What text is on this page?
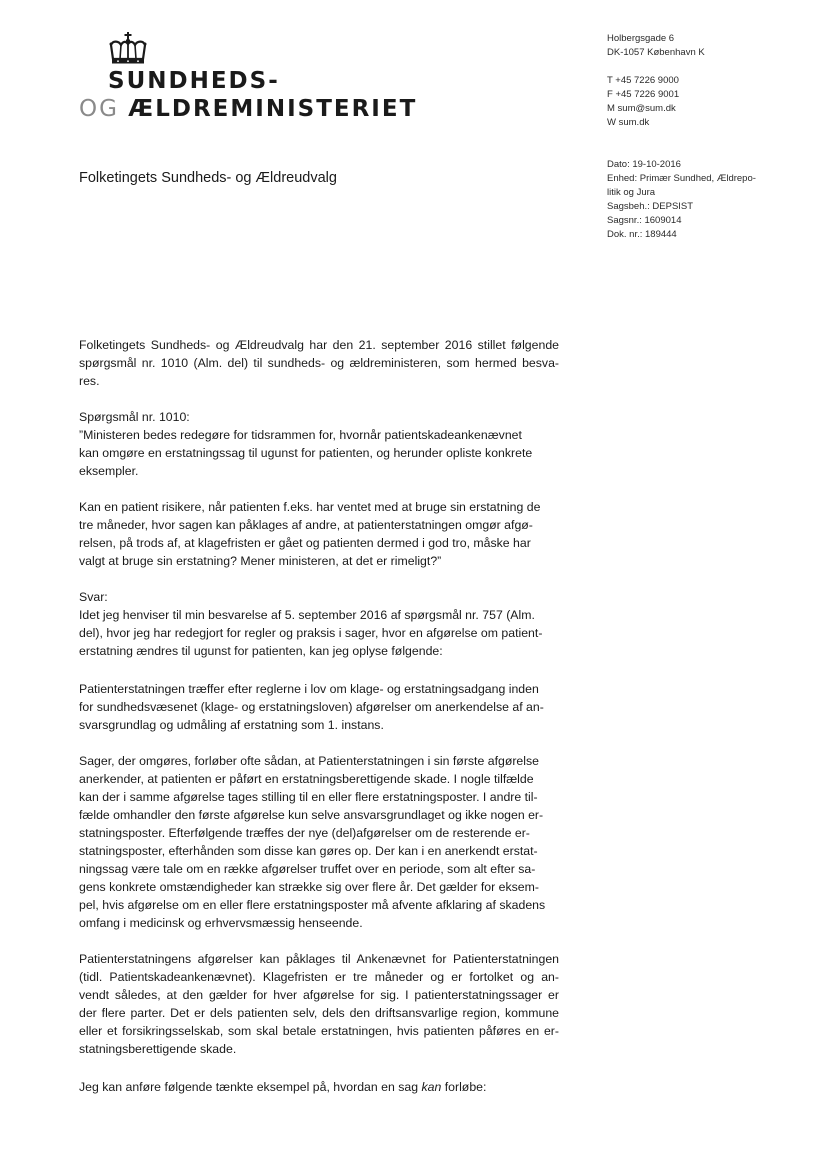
SUNDHEDS-
OG ÆLDREMINISTERIET
Holbergsgade 6
DK-1057 København K
T +45 7226 9000
F +45 7226 9001
M sum@sum.dk
W sum.dk
Dato: 19-10-2016
Enhed: Primær Sundhed, Ældrepo-
litik og Jura
Sagsbeh.: DEPSIST
Sagsnr.: 1609014
Dok. nr.: 189444
Folketingets Sundheds- og Ældreudvalg
Folketingets Sundheds- og Ældreudvalg har den 21. september 2016 stillet følgende
spørgsmål nr. 1010 (Alm. del) til sundheds- og ældreministeren, som hermed besva-
res.
Spørgsmål nr. 1010:
”Ministeren bedes redegøre for tidsrammen for, hvornår patientskadeankenævnet
kan omgøre en erstatningssag til ugunst for patienten, og herunder opliste konkrete
eksempler.
Kan en patient risikere, når patienten f.eks. har ventet med at bruge sin erstatning de
tre måneder, hvor sagen kan påklages af andre, at patienterstatningen omgør afgø-
relsen, på trods af, at klagefristen er gået og patienten dermed i god tro, måske har
valgt at bruge sin erstatning? Mener ministeren, at det er rimeligt?”
Svar:
Idet jeg henviser til min besvarelse af 5. september 2016 af spørgsmål nr. 757 (Alm.
del), hvor jeg har redegjort for regler og praksis i sager, hvor en afgørelse om patient-
erstatning ændres til ugunst for patienten, kan jeg oplyse følgende:
Patienterstatningen træffer efter reglerne i lov om klage- og erstatningsadgang inden
for sundhedsvæsenet (klage- og erstatningsloven) afgørelser om anerkendelse af an-
svarsgrundlag og udmåling af erstatning som 1. instans.
Sager, der omgøres, forløber ofte sådan, at Patienterstatningen i sin første afgørelse
anerkender, at patienten er påført en erstatningsberettigende skade. I nogle tilfælde
kan der i samme afgørelse tages stilling til en eller flere erstatningsposter. I andre til-
fælde omhandler den første afgørelse kun selve ansvarsgrundlaget og ikke nogen er-
statningsposter. Efterfølgende træffes der nye (del)afgørelser om de resterende er-
statningsposter, efterhånden som disse kan gøres op. Der kan i en anerkendt erstat-
ningssag være tale om en række afgørelser truffet over en periode, som alt efter sa-
gens konkrete omstændigheder kan strække sig over flere år. Det gælder for eksem-
pel, hvis afgørelse om en eller flere erstatningsposter må afvente afklaring af skadens
omfang i medicinsk og erhvervsmæssig henseende.
Patienterstatningens afgørelser kan påklages til Ankenævnet for Patienterstatningen
(tidl. Patientskadeankenævnet). Klagefristen er tre måneder og er fortolket og an-
vendt således, at den gælder for hver afgørelse for sig. I patienterstatningssager er
der flere parter. Det er dels patienten selv, dels den driftsansvarlige region, kommune
eller et forsikringsselskab, som skal betale erstatningen, hvis patienten påføres en er-
statningsberettigende skade.
Jeg kan anføre følgende tænkte eksempel på, hvordan en sag kan forløbe:
